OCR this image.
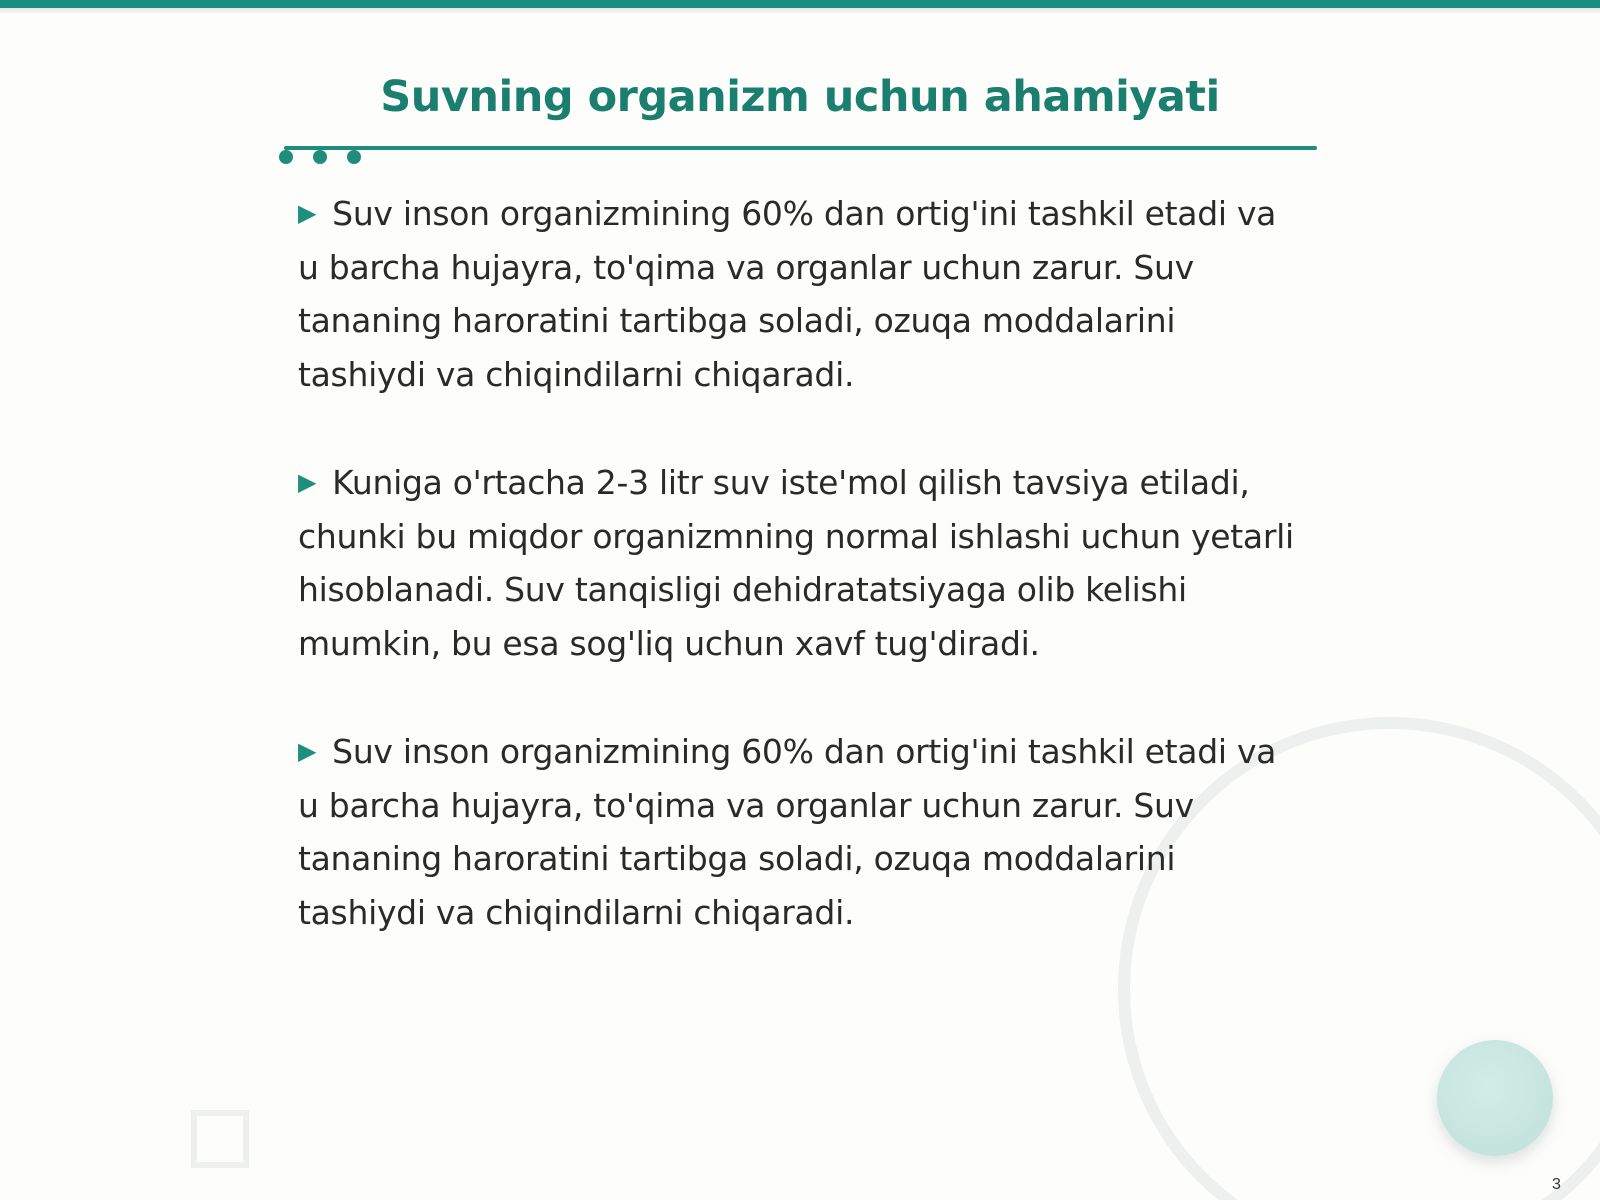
Suvning organizm uchun ahamiyati

▶ Suv inson organizmining 60% dan ortig'ini tashkil etadi va u barcha hujayra, to'qima va organlar uchun zarur. Suv tananing haroratini tartibga soladi, ozuqa moddalarini tashiydi va chiqindilarni chiqaradi.

▶ Kuniga o'rtacha 2-3 litr suv iste'mol qilish tavsiya etiladi, chunki bu miqdor organizmning normal ishlashi uchun yetarli hisoblanadi. Suv tanqisligi dehidratatsiyaga olib kelishi mumkin, bu esa sog'liq uchun xavf tug'diradi.

▶ Suv inson organizmining 60% dan ortig'ini tashkil etadi va u barcha hujayra, to'qima va organlar uchun zarur. Suv tananing haroratini tartibga soladi, ozuqa moddalarini tashiydi va chiqindilarni chiqaradi.

3
